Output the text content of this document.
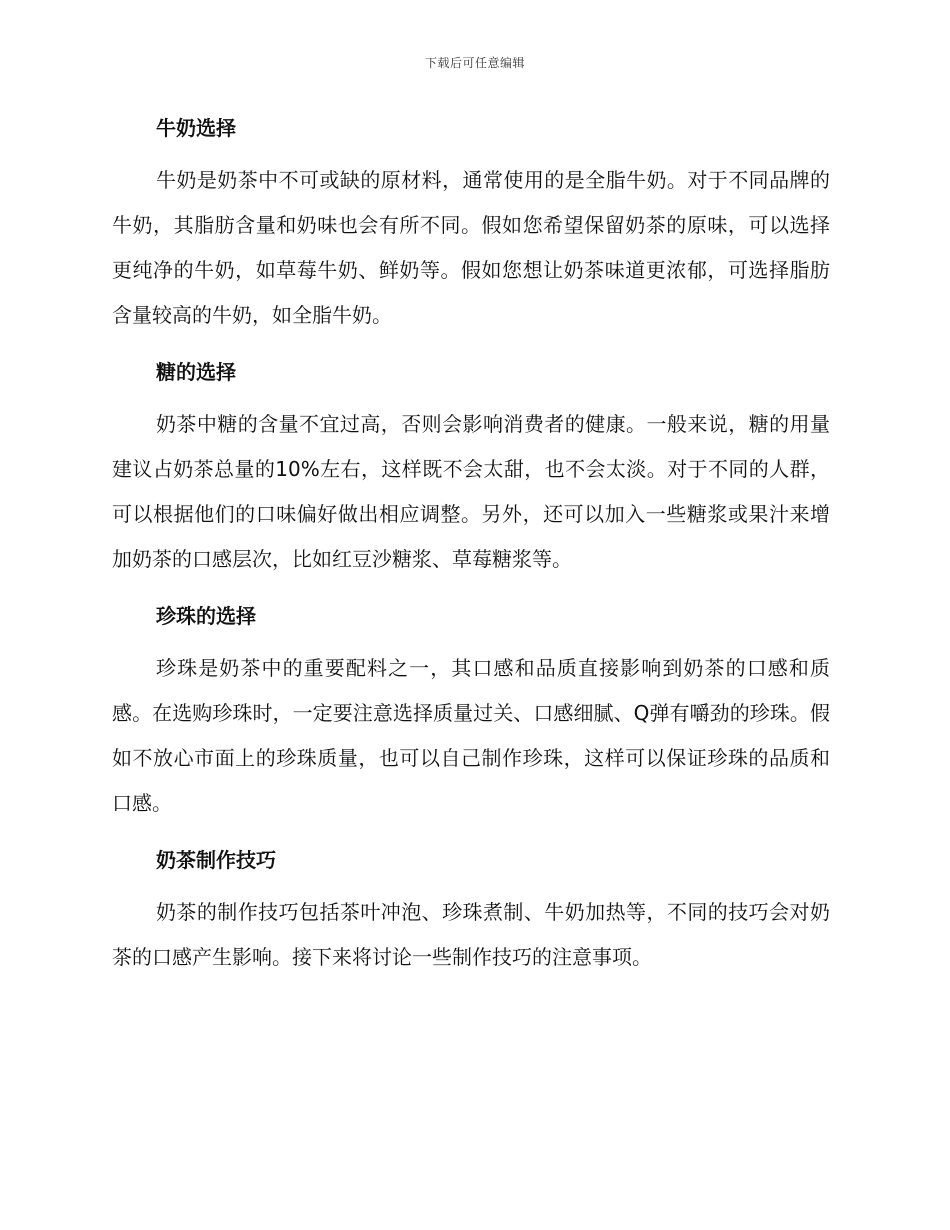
下载后可任意编辑
牛奶选择

牛奶是奶茶中不可或缺的原材料，通常使用的是全脂牛奶。对于不同品牌的牛奶，其脂肪含量和奶味也会有所不同。假如您希望保留奶茶的原味，可以选择更纯净的牛奶，如草莓牛奶、鲜奶等。假如您想让奶茶味道更浓郁，可选择脂肪含量较高的牛奶，如全脂牛奶。

糖的选择

奶茶中糖的含量不宜过高，否则会影响消费者的健康。一般来说，糖的用量建议占奶茶总量的10%左右，这样既不会太甜，也不会太淡。对于不同的人群，可以根据他们的口味偏好做出相应调整。另外，还可以加入一些糖浆或果汁来增加奶茶的口感层次，比如红豆沙糖浆、草莓糖浆等。

珍珠的选择

珍珠是奶茶中的重要配料之一，其口感和品质直接影响到奶茶的口感和质感。在选购珍珠时，一定要注意选择质量过关、口感细腻、Q弹有嚼劲的珍珠。假如不放心市面上的珍珠质量，也可以自己制作珍珠，这样可以保证珍珠的品质和口感。

奶茶制作技巧

奶茶的制作技巧包括茶叶冲泡、珍珠煮制、牛奶加热等，不同的技巧会对奶茶的口感产生影响。接下来将讨论一些制作技巧的注意事项。
